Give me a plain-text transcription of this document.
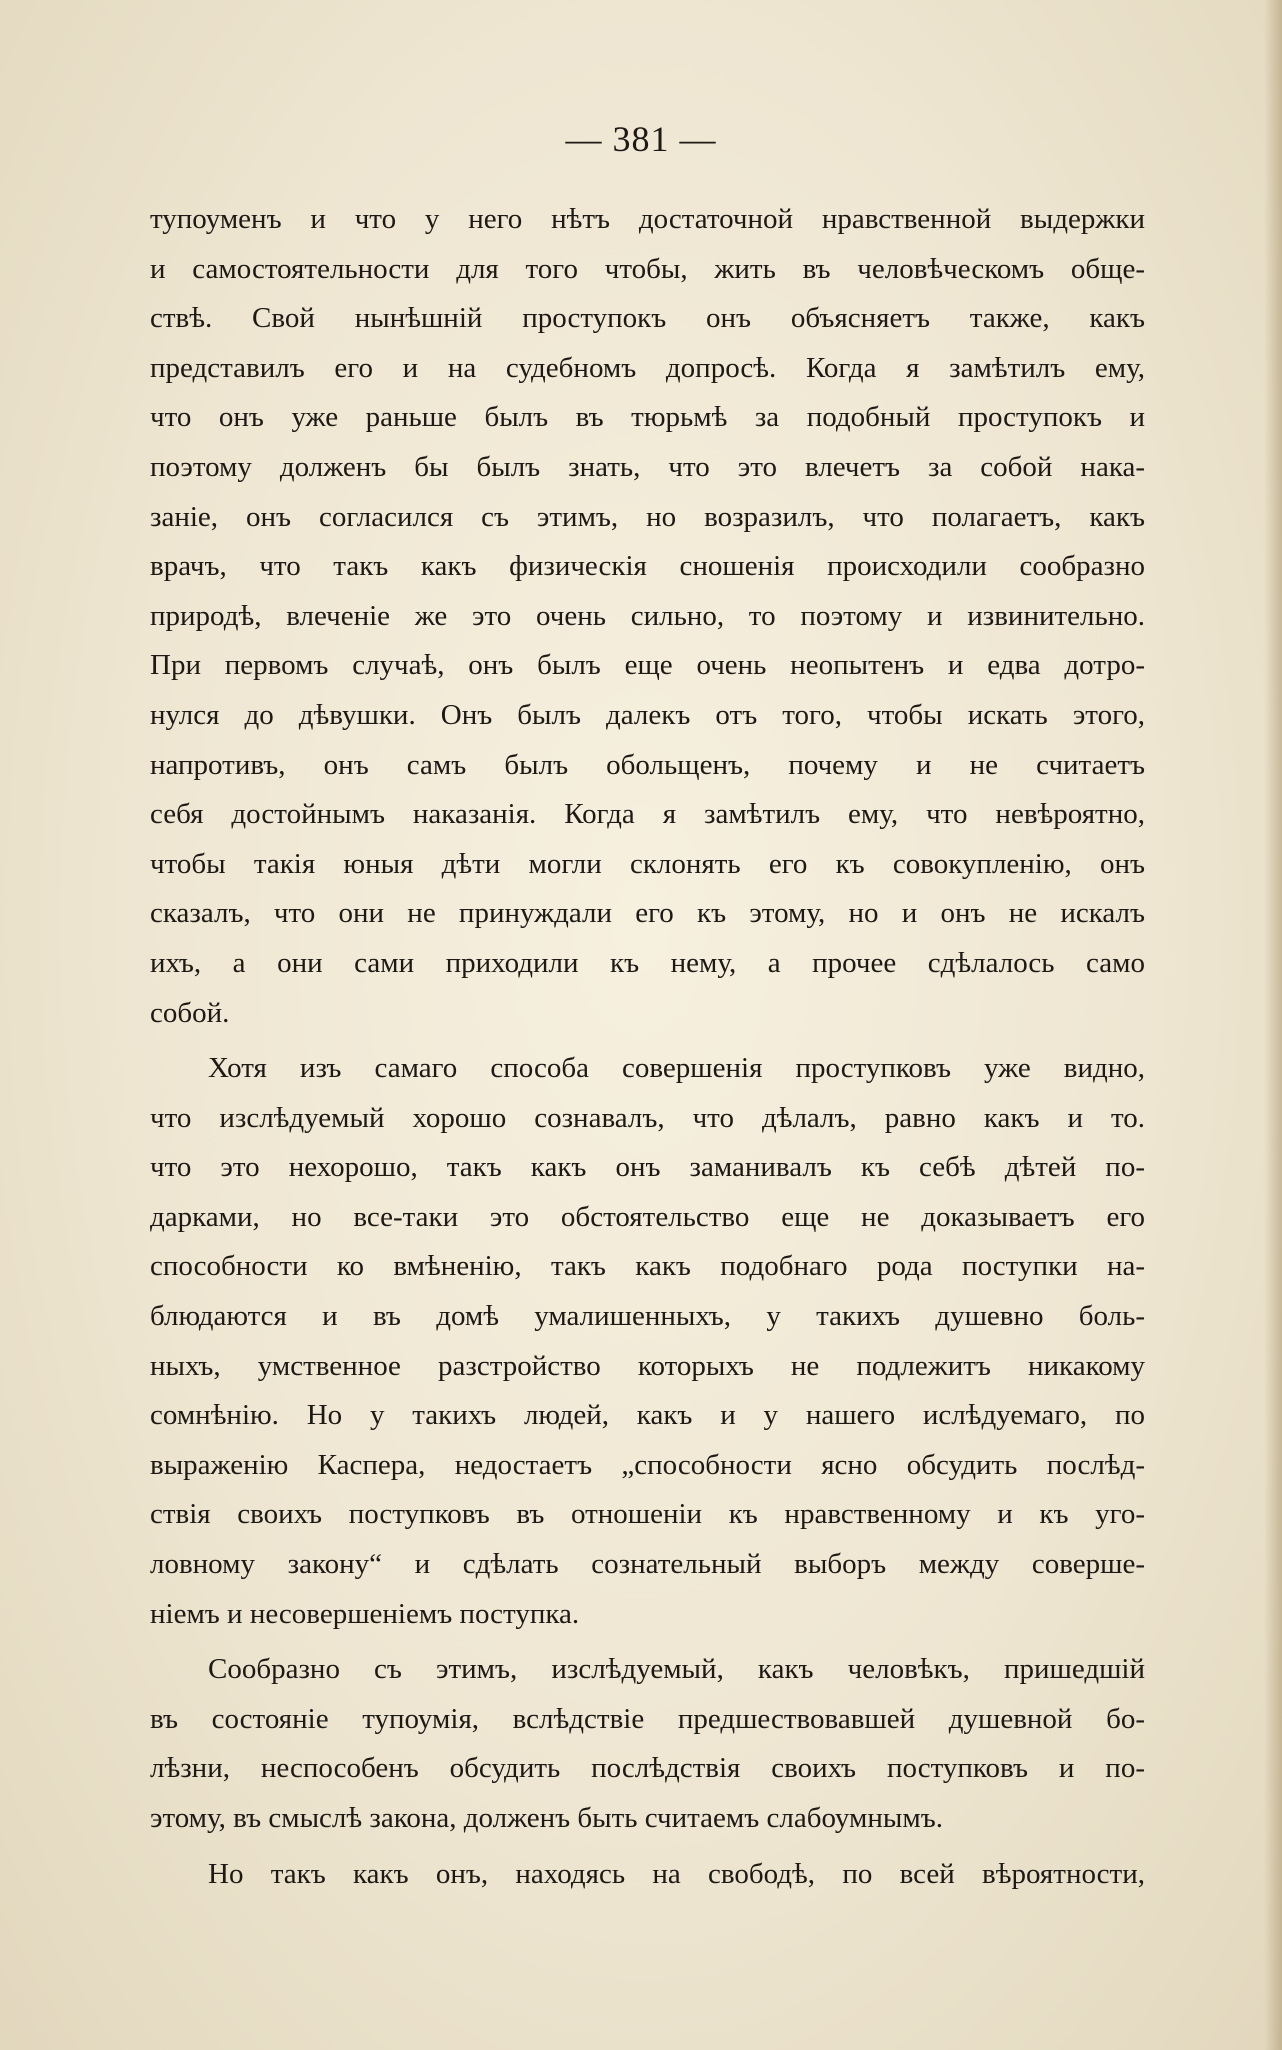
— 381 —
тупоуменъ и что у него нѣтъ достаточной нравственной выдержки
и самостоятельности для того чтобы, жить въ человѣческомъ обще-
ствѣ. Свой нынѣшній проступокъ онъ объясняетъ также, какъ
представилъ его и на судебномъ допросѣ. Когда я замѣтилъ ему,
что онъ уже раньше былъ въ тюрьмѣ за подобный проступокъ и
поэтому долженъ бы былъ знать, что это влечетъ за собой нака-
заніе, онъ согласился съ этимъ, но возразилъ, что полагаетъ, какъ
врачъ, что такъ какъ физическія сношенія происходили сообразно
природѣ, влеченіе же это очень сильно, то поэтому и извинительно.
При первомъ случаѣ, онъ былъ еще очень неопытенъ и едва дотро-
нулся до дѣвушки. Онъ былъ далекъ отъ того, чтобы искать этого,
напротивъ, онъ самъ былъ обольщенъ, почему и не считаетъ
себя достойнымъ наказанія. Когда я замѣтилъ ему, что невѣроятно,
чтобы такія юныя дѣти могли склонять его къ совокупленію, онъ
сказалъ, что они не принуждали его къ этому, но и онъ не искалъ
ихъ, а они сами приходили къ нему, а прочее сдѣлалось само
собой.
Хотя изъ самаго способа совершенія проступковъ уже видно,
что изслѣдуемый хорошо сознавалъ, что дѣлалъ, равно какъ и то.
что это нехорошо, такъ какъ онъ заманивалъ къ себѣ дѣтей по-
дарками, но все-таки это обстоятельство еще не доказываетъ его
способности ко вмѣненію, такъ какъ подобнаго рода поступки на-
блюдаются и въ домѣ умалишенныхъ, у такихъ душевно боль-
ныхъ, умственное разстройство которыхъ не подлежитъ никакому
сомнѣнію. Но у такихъ людей, какъ и у нашего ислѣдуемаго, по
выраженію Каспера, недостаетъ „способности ясно обсудить послѣд-
ствія своихъ поступковъ въ отношеніи къ нравственному и къ уго-
ловному закону“ и сдѣлать сознательный выборъ между соверше-
ніемъ и несовершеніемъ поступка.
Сообразно съ этимъ, изслѣдуемый, какъ человѣкъ, пришедшій
въ состояніе тупоумія, вслѣдствіе предшествовавшей душевной бо-
лѣзни, неспособенъ обсудить послѣдствія своихъ поступковъ и по-
этому, въ смыслѣ закона, долженъ быть считаемъ слабоумнымъ.
Но такъ какъ онъ, находясь на свободѣ, по всей вѣроятности,
